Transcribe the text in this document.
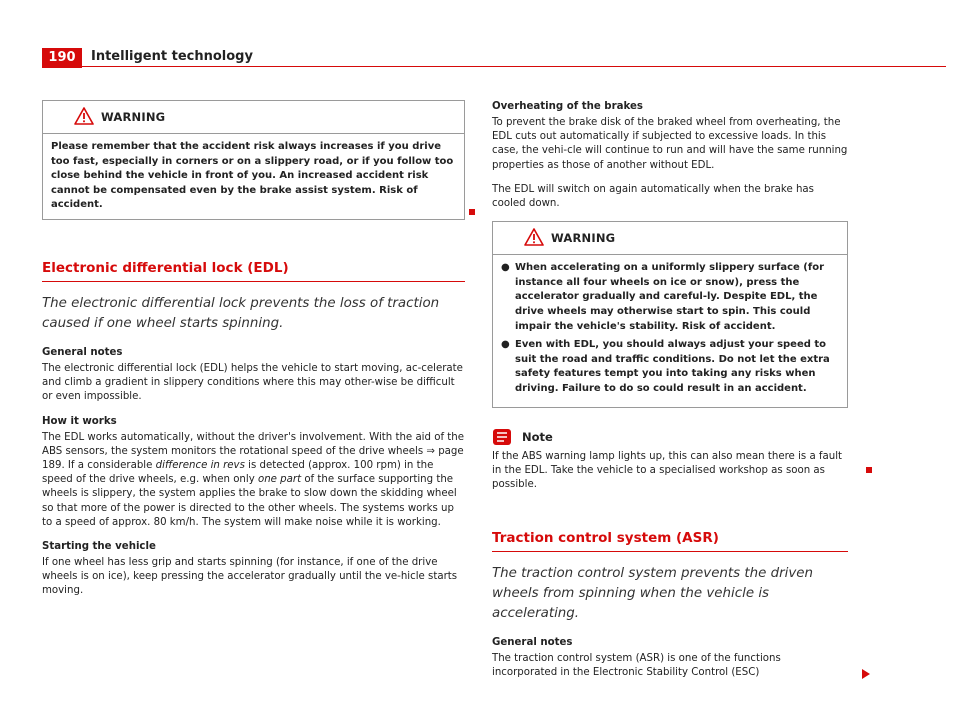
190	Intelligent technology
WARNING
Please remember that the accident risk always increases if you drive too fast, especially in corners or on a slippery road, or if you follow too close behind the vehicle in front of you. An increased accident risk cannot be compensated even by the brake assist system. Risk of accident.
Electronic differential lock (EDL)
The electronic differential lock prevents the loss of traction caused if one wheel starts spinning.
General notes

The electronic differential lock (EDL) helps the vehicle to start moving, ac-celerate and climb a gradient in slippery conditions where this may other-wise be difficult or even impossible.

How it works

The EDL works automatically, without the driver's involvement. With the aid of the ABS sensors, the system monitors the rotational speed of the drive wheels ⇒ page 189. If a considerable difference in revs is detected (approx. 100 rpm) in the speed of the drive wheels, e.g. when only one part of the surface supporting the wheels is slippery, the system applies the brake to slow down the skidding wheel so that more of the power is directed to the other wheels. The systems works up to a speed of approx. 80 km/h. The system will make noise while it is working.

Starting the vehicle

If one wheel has less grip and starts spinning (for instance, if one of the drive wheels is on ice), keep pressing the accelerator gradually until the ve-hicle starts moving.

Overheating of the brakes

To prevent the brake disk of the braked wheel from overheating, the EDL cuts out automatically if subjected to excessive loads. In this case, the vehi-cle will continue to run and will have the same running properties as those of another without EDL.

The EDL will switch on again automatically when the brake has cooled down.

WARNING
● When accelerating on a uniformly slippery surface (for instance all four wheels on ice or snow), press the accelerator gradually and careful-ly. Despite EDL, the drive wheels may otherwise start to spin. This could impair the vehicle's stability. Risk of accident.
● Even with EDL, you should always adjust your speed to suit the road and traffic conditions. Do not let the extra safety features tempt you into taking any risks when driving. Failure to do so could result in an accident.
Note

If the ABS warning lamp lights up, this can also mean there is a fault in the EDL. Take the vehicle to a specialised workshop as soon as possible.

Traction control system (ASR)
The traction control system prevents the driven wheels from spinning when the vehicle is accelerating.
General notes

The traction control system (ASR) is one of the functions incorporated in the Electronic Stability Control (ESC)
